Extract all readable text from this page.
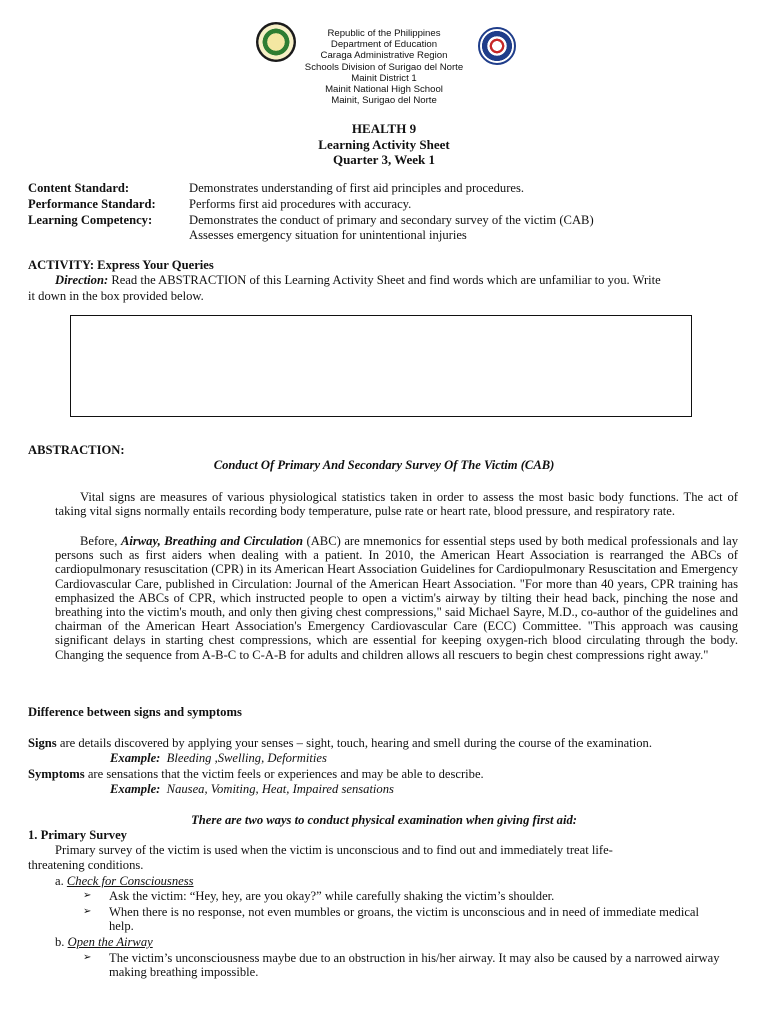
Republic of the Philippines
Department of Education
Caraga Administrative Region
Schools Division of Surigao del Norte
Mainit District 1
Mainit National High School
Mainit, Surigao del Norte
HEALTH 9
Learning Activity Sheet
Quarter 3, Week 1
Content Standard:	Demonstrates understanding of first aid principles and procedures.
Performance Standard:	Performs first aid procedures with accuracy.
Learning Competency:	Demonstrates the conduct of primary and secondary survey of the victim (CAB)
Assesses emergency situation for unintentional injuries
ACTIVITY: Express Your Queries
Direction: Read the ABSTRACTION of this Learning Activity Sheet and find words which are unfamiliar to you. Write
it down in the box provided below.
ABSTRACTION:
Conduct Of Primary And Secondary Survey Of The Victim (CAB)

Vital signs are measures of various physiological statistics taken in order to assess the most basic body functions. The act of taking vital signs normally entails recording body temperature, pulse rate or heart rate, blood pressure, and respiratory rate.

Before, Airway, Breathing and Circulation (ABC) are mnemonics for essential steps used by both medical professionals and lay persons such as first aiders when dealing with a patient. In 2010, the American Heart Association is rearranged the ABCs of cardiopulmonary resuscitation (CPR) in its American Heart Association Guidelines for Cardiopulmonary Resuscitation and Emergency Cardiovascular Care, published in Circulation: Journal of the American Heart Association. "For more than 40 years, CPR training has emphasized the ABCs of CPR, which instructed people to open a victim's airway by tilting their head back, pinching the nose and breathing into the victim's mouth, and only then giving chest compressions," said Michael Sayre, M.D., co-author of the guidelines and chairman of the American Heart Association's Emergency Cardiovascular Care (ECC) Committee. "This approach was causing significant delays in starting chest compressions, which are essential for keeping oxygen-rich blood circulating through the body. Changing the sequence from A-B-C to C-A-B for adults and children allows all rescuers to begin chest compressions right away."

Difference between signs and symptoms
Signs are details discovered by applying your senses – sight, touch, hearing and smell during the course of the examination.
Example: Bleeding ,Swelling, Deformities
Symptoms are sensations that the victim feels or experiences and may be able to describe.
Example: Nausea, Vomiting, Heat, Impaired sensations
There are two ways to conduct physical examination when giving first aid:
1. Primary Survey
Primary survey of the victim is used when the victim is unconscious and to find out and immediately treat life-
threatening conditions.
a. Check for Consciousness
➢	Ask the victim: “Hey, hey, are you okay?” while carefully shaking the victim’s shoulder.
➢	When there is no response, not even mumbles or groans, the victim is unconscious and in need of immediate medical help.
b. Open the Airway
➢	The victim’s unconsciousness maybe due to an obstruction in his/her airway. It may also be caused by a narrowed airway making breathing impossible.
